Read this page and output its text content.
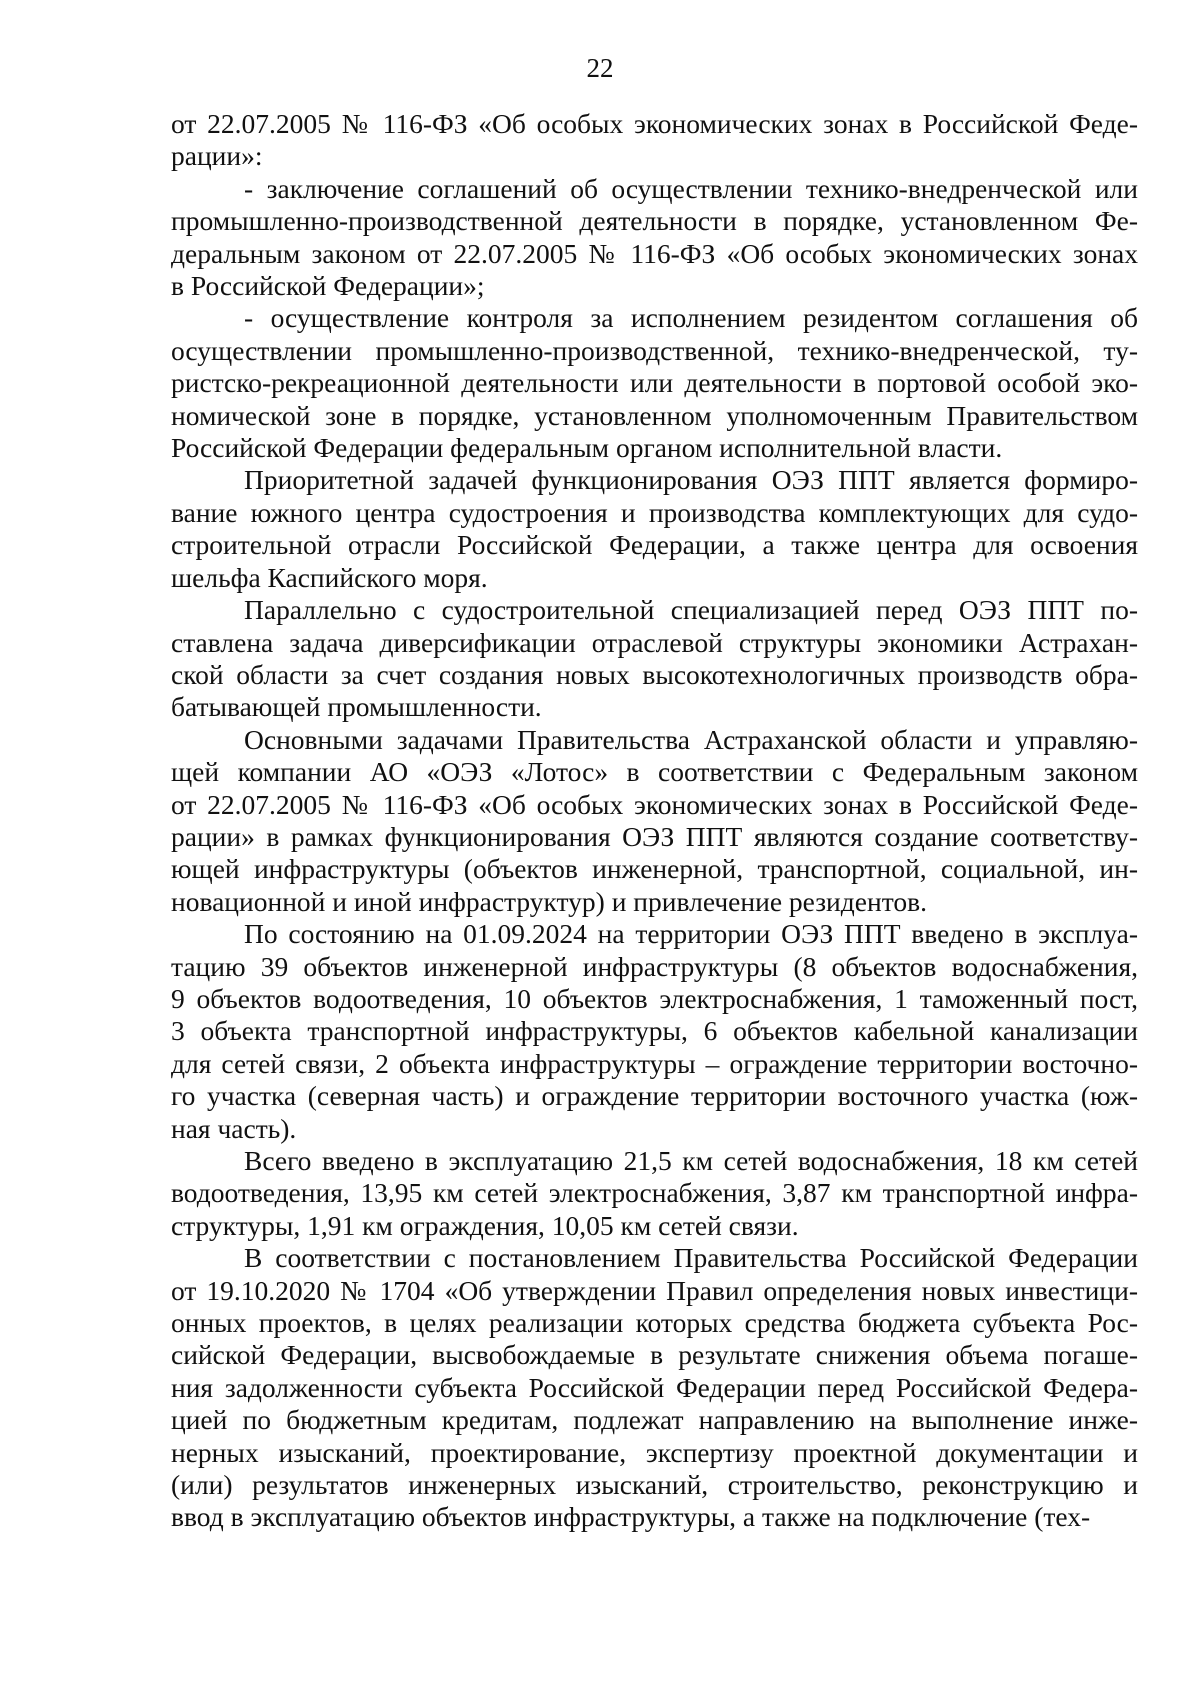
22

от 22.07.2005 № 116-ФЗ «Об особых экономических зонах в Российской Феде-
рации»:

- заключение соглашений об осуществлении технико-внедренческой или
промышленно-производственной деятельности в порядке, установленном Фе-
деральным законом от 22.07.2005 № 116-ФЗ «Об особых экономических зонах
в Российской Федерации»;

- осуществление контроля за исполнением резидентом соглашения об
осуществлении промышленно-производственной, технико-внедренческой, ту-
ристско-рекреационной деятельности или деятельности в портовой особой эко-
номической зоне в порядке, установленном уполномоченным Правительством
Российской Федерации федеральным органом исполнительной власти.

Приоритетной задачей функционирования ОЭЗ ППТ является формиро-
вание южного центра судостроения и производства комплектующих для судо-
строительной отрасли Российской Федерации, а также центра для освоения
шельфа Каспийского моря.

Параллельно с судостроительной специализацией перед ОЭЗ ППТ по-
ставлена задача диверсификации отраслевой структуры экономики Астрахан-
ской области за счет создания новых высокотехнологичных производств обра-
батывающей промышленности.

Основными задачами Правительства Астраханской области и управляю-
щей компании АО «ОЭЗ «Лотос» в соответствии с Федеральным законом
от 22.07.2005 № 116-ФЗ «Об особых экономических зонах в Российской Феде-
рации» в рамках функционирования ОЭЗ ППТ являются создание соответству-
ющей инфраструктуры (объектов инженерной, транспортной, социальной, ин-
новационной и иной инфраструктур) и привлечение резидентов.

По состоянию на 01.09.2024 на территории ОЭЗ ППТ введено в эксплуа-
тацию 39 объектов инженерной инфраструктуры (8 объектов водоснабжения,
9 объектов водоотведения, 10 объектов электроснабжения, 1 таможенный пост,
3 объекта транспортной инфраструктуры, 6 объектов кабельной канализации
для сетей связи, 2 объекта инфраструктуры – ограждение территории восточно-
го участка (северная часть) и ограждение территории восточного участка (юж-
ная часть).

Всего введено в эксплуатацию 21,5 км сетей водоснабжения, 18 км сетей
водоотведения, 13,95 км сетей электроснабжения, 3,87 км транспортной инфра-
структуры, 1,91 км ограждения, 10,05 км сетей связи.

В соответствии с постановлением Правительства Российской Федерации
от 19.10.2020 № 1704 «Об утверждении Правил определения новых инвестици-
онных проектов, в целях реализации которых средства бюджета субъекта Рос-
сийской Федерации, высвобождаемые в результате снижения объема погаше-
ния задолженности субъекта Российской Федерации перед Российской Федера-
цией по бюджетным кредитам, подлежат направлению на выполнение инже-
нерных изысканий, проектирование, экспертизу проектной документации и
(или) результатов инженерных изысканий, строительство, реконструкцию и
ввод в эксплуатацию объектов инфраструктуры, а также на подключение (тех-
